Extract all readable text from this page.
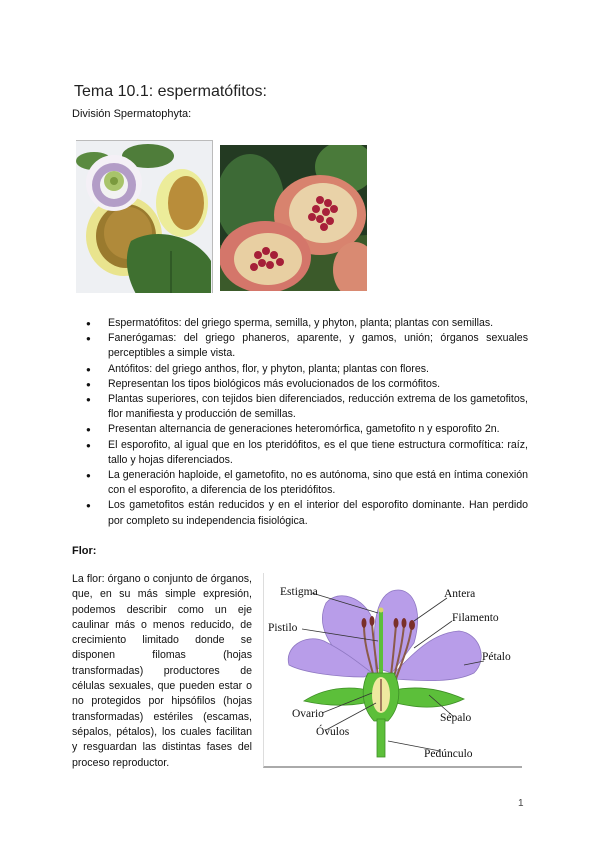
Tema 10.1: espermatófitos:
División Spermatophyta:
● Espermatófitos: del griego sperma, semilla, y phyton, planta; plantas con semillas.
● Fanerógamas: del griego phaneros, aparente, y gamos, unión; órganos sexuales perceptibles a simple vista.
● Antófitos: del griego anthos, flor, y phyton, planta; plantas con flores.
● Representan los tipos biológicos más evolucionados de los cormófitos.
● Plantas superiores, con tejidos bien diferenciados, reducción extrema de los gametofitos, flor manifiesta y producción de semillas.
● Presentan alternancia de generaciones heteromórfica, gametofito n y esporofito 2n.
● El esporofito, al igual que en los pteridófitos, es el que tiene estructura cormofítica: raíz, tallo y hojas diferenciados.
● La generación haploide, el gametofito, no es autónoma, sino que está en íntima conexión con el esporofito, a diferencia de los pteridófitos.
● Los gametofitos están reducidos y en el interior del esporofito dominante. Han perdido por completo su independencia fisiológica.
Flor:

La flor: órgano o conjunto de órganos, que, en su más simple expresión, podemos describir como un eje caulinar más o menos reducido, de crecimiento limitado donde se disponen filomas (hojas transformadas) productores de células sexuales, que pueden estar o no protegidos por hipsófilos (hojas transformadas) estériles (escamas, sépalos, pétalos), los cuales facilitan y resguardan las distintas fases del proceso reproductor.

Estigma	Antera
Pistilo
Filamento
Pétalo
Ovario	Sépalo
Óvulos
Pedúnculo
1
